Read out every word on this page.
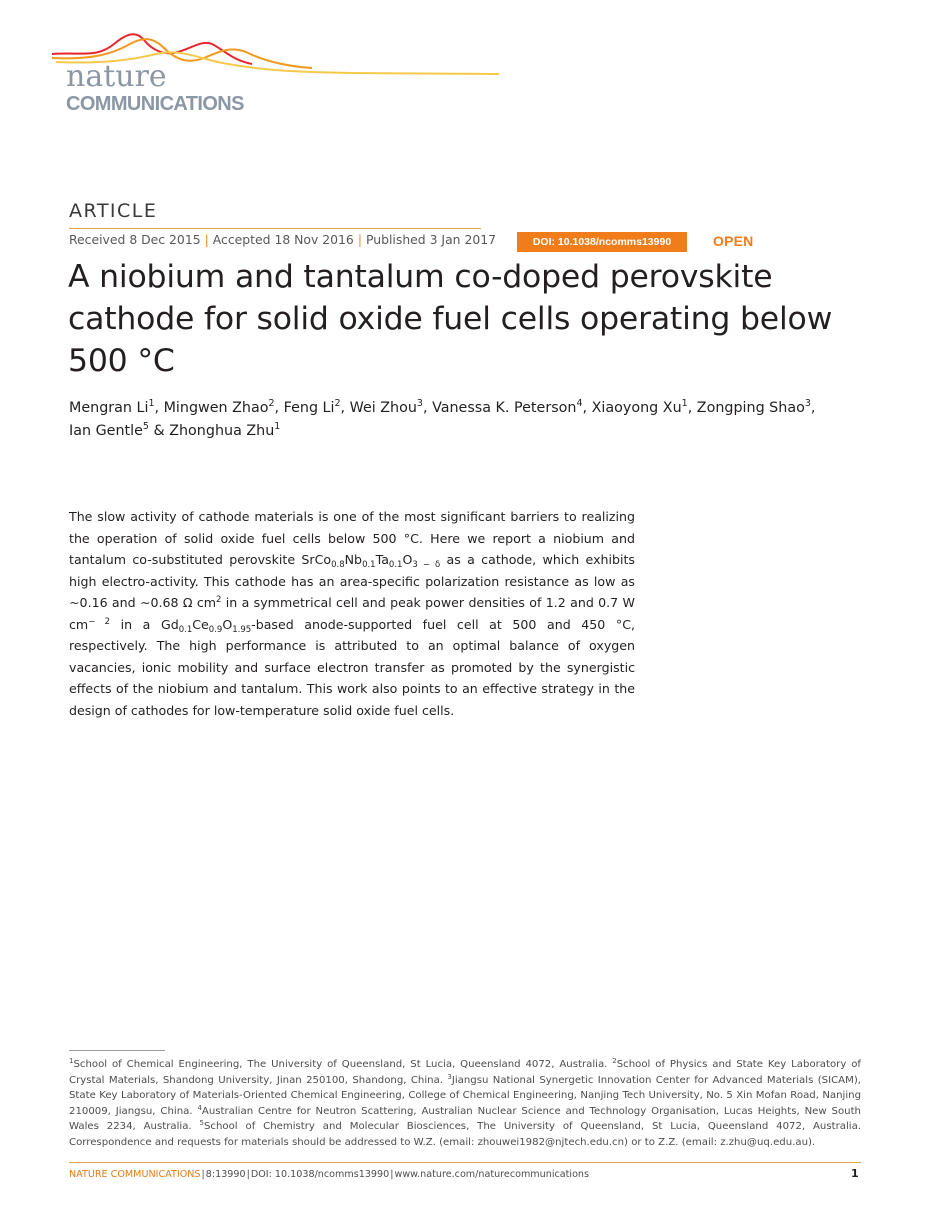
nature
COMMUNICATIONS
ARTICLE
Received 8 Dec 2015 | Accepted 18 Nov 2016 | Published 3 Jan 2017	DOI: 10.1038/ncomms13990	OPEN
A niobium and tantalum co-doped perovskite cathode for solid oxide fuel cells operating below 500 °C
Mengran Li$^1$, Mingwen Zhao$^2$, Feng Li$^2$, Wei Zhou$^3$, Vanessa K. Peterson$^4$, Xiaoyong Xu$^1$, Zongping Shao$^3$,
Ian Gentle$^5$ & Zhonghua Zhu$^1$
The slow activity of cathode materials is one of the most significant barriers to realizing the operation of solid oxide fuel cells below 500 °C. Here we report a niobium and tantalum co-substituted perovskite $SrCo_{0.8}Nb_{0.1}Ta_{0.1}O_{3 - \delta}$ as a cathode, which exhibits high electro-activity. This cathode has an area-specific polarization resistance as low as ∼0.16 and ∼0.68 Ω $cm^2$ in a symmetrical cell and peak power densities of 1.2 and 0.7 W $cm^{- 2}$ in a $Gd_{0.1}Ce_{0.9}O_{1.95}$-based anode-supported fuel cell at 500 and 450 °C, respectively. The high performance is attributed to an optimal balance of oxygen vacancies, ionic mobility and surface electron transfer as promoted by the synergistic effects of the niobium and tantalum. This work also points to an effective strategy in the design of cathodes for low-temperature solid oxide fuel cells.
$^1$School of Chemical Engineering, The University of Queensland, St Lucia, Queensland 4072, Australia. $^2$School of Physics and State Key Laboratory of Crystal Materials, Shandong University, Jinan 250100, Shandong, China. $^3$Jiangsu National Synergetic Innovation Center for Advanced Materials (SICAM), State Key Laboratory of Materials-Oriented Chemical Engineering, College of Chemical Engineering, Nanjing Tech University, No. 5 Xin Mofan Road, Nanjing 210009, Jiangsu, China. $^4$Australian Centre for Neutron Scattering, Australian Nuclear Science and Technology Organisation, Lucas Heights, New South Wales 2234, Australia. $^5$School of Chemistry and Molecular Biosciences, The University of Queensland, St Lucia, Queensland 4072, Australia. Correspondence and requests for materials should be addressed to W.Z. (email: zhouwei1982@njtech.edu.cn) or to Z.Z. (email: z.zhu@uq.edu.au).
NATURE COMMUNICATIONS|8:13990|DOI: 10.1038/ncomms13990|www.nature.com/naturecommunications	1
